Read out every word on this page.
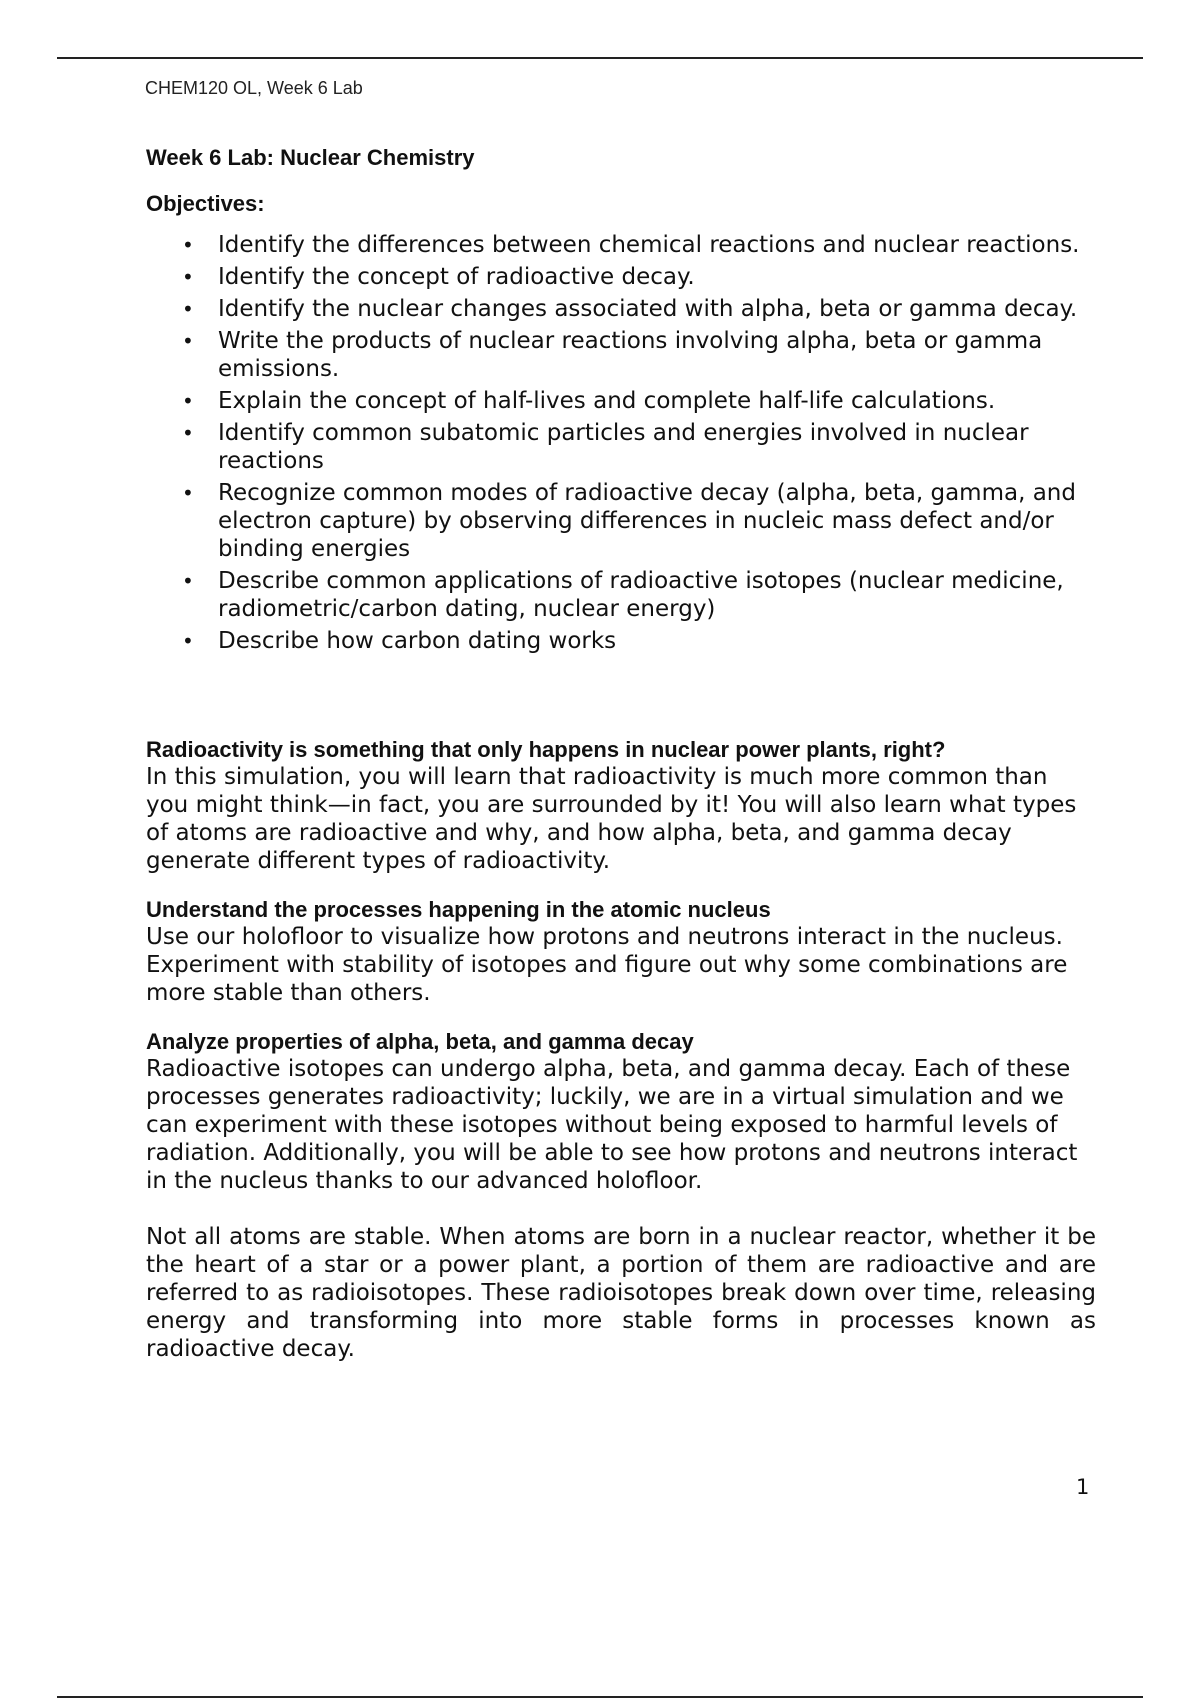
CHEM120 OL, Week 6 Lab
Week 6 Lab: Nuclear Chemistry
Objectives:
• Identify the differences between chemical reactions and nuclear reactions.
• Identify the concept of radioactive decay.
• Identify the nuclear changes associated with alpha, beta or gamma decay.
• Write the products of nuclear reactions involving alpha, beta or gamma emissions.
• Explain the concept of half-lives and complete half-life calculations.
• Identify common subatomic particles and energies involved in nuclear reactions
• Recognize common modes of radioactive decay (alpha, beta, gamma, and electron capture) by observing differences in nucleic mass defect and/or binding energies
• Describe common applications of radioactive isotopes (nuclear medicine, radiometric/carbon dating, nuclear energy)
• Describe how carbon dating works
Radioactivity is something that only happens in nuclear power plants, right?

In this simulation, you will learn that radioactivity is much more common than you might think—in fact, you are surrounded by it! You will also learn what types of atoms are radioactive and why, and how alpha, beta, and gamma decay generate different types of radioactivity.

Understand the processes happening in the atomic nucleus

Use our holofloor to visualize how protons and neutrons interact in the nucleus. Experiment with stability of isotopes and figure out why some combinations are more stable than others.

Analyze properties of alpha, beta, and gamma decay

Radioactive isotopes can undergo alpha, beta, and gamma decay. Each of these processes generates radioactivity; luckily, we are in a virtual simulation and we can experiment with these isotopes without being exposed to harmful levels of radiation. Additionally, you will be able to see how protons and neutrons interact in the nucleus thanks to our advanced holofloor.

Not all atoms are stable. When atoms are born in a nuclear reactor, whether it be the heart of a star or a power plant, a portion of them are radioactive and are referred to as radioisotopes. These radioisotopes break down over time, releasing energy and transforming into more stable forms in processes known as radioactive decay.

1
